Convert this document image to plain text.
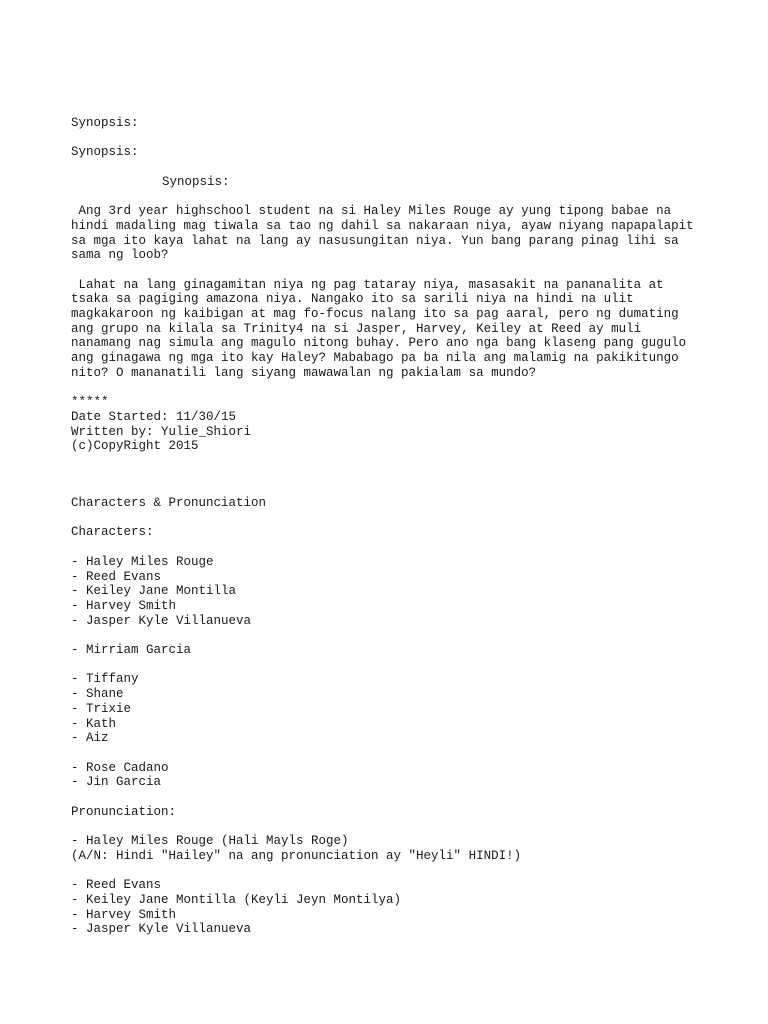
Synopsis:
Synopsis:
Synopsis:
Ang 3rd year highschool student na si Haley Miles Rouge ay yung tipong babae na
hindi madaling mag tiwala sa tao ng dahil sa nakaraan niya, ayaw niyang napapalapit
sa mga ito kaya lahat na lang ay nasusungitan niya. Yun bang parang pinag lihi sa
sama ng loob?
Lahat na lang ginagamitan niya ng pag tataray niya, masasakit na pananalita at
tsaka sa pagiging amazona niya. Nangako ito sa sarili niya na hindi na ulit
magkakaroon ng kaibigan at mag fo-focus nalang ito sa pag aaral, pero ng dumating
ang grupo na kilala sa Trinity4 na si Jasper, Harvey, Keiley at Reed ay muli
nanamang nag simula ang magulo nitong buhay. Pero ano nga bang klaseng pang gugulo
ang ginagawa ng mga ito kay Haley? Mababago pa ba nila ang malamig na pakikitungo
nito? O mananatili lang siyang mawawalan ng pakialam sa mundo?
*****
Date Started: 11/30/15
Written by: Yulie_Shiori
(c)CopyRight 2015
Characters & Pronunciation
Characters:
- Haley Miles Rouge
- Reed Evans
- Keiley Jane Montilla
- Harvey Smith
- Jasper Kyle Villanueva
- Mirriam Garcia
- Tiffany
- Shane
- Trixie
- Kath
- Aiz
- Rose Cadano
- Jin Garcia
Pronunciation:
- Haley Miles Rouge (Hali Mayls Roge)
(A/N: Hindi "Hailey" na ang pronunciation ay "Heyli" HINDI!)
- Reed Evans
- Keiley Jane Montilla (Keyli Jeyn Montilya)
- Harvey Smith
- Jasper Kyle Villanueva
